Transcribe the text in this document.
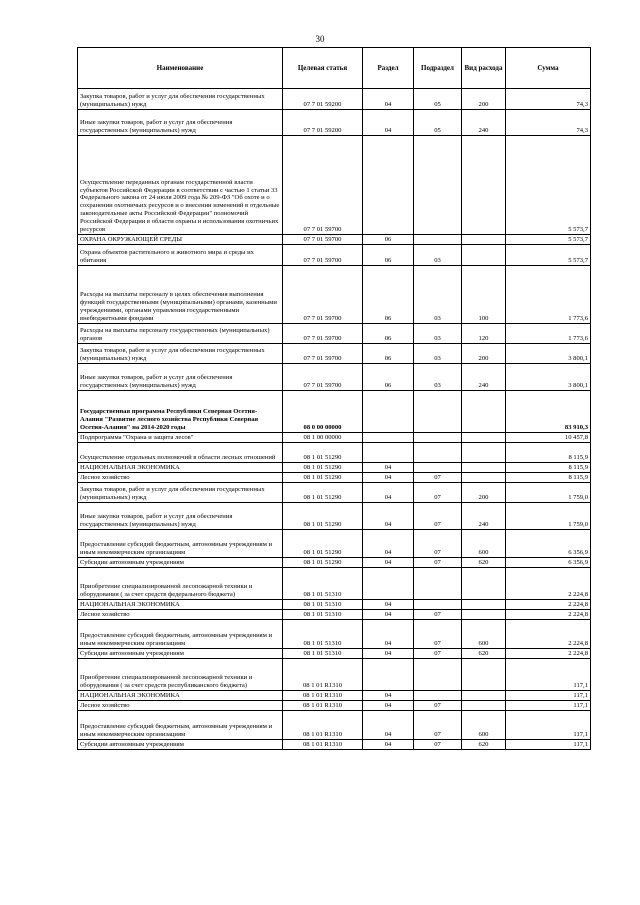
30
Наименование	Целевая статья	Раздел	Подраздел	Вид расхода	Сумма
Закупка товаров, работ и услуг для обеспечения государственных (муниципальных) нужд	07 7 01 59200	04	05	200	74,3
Иные закупки товаров, работ и услуг для обеспечения государственных (муниципальных) нужд	07 7 01 59200	04	05	240	74,3
Осуществление переданных органам государственной власти субъектов Российской Федерации в соответствии с частью 1 статьи 33 Федерального закона от 24 июля 2009 года № 209-ФЗ "Об охоте и о сохранении охотничьих ресурсов и о внесении изменений в отдельные законодательные акты Российской Федерации" полномочий Российской Федерации в области охраны и использования охотничьих ресурсов	07 7 01 59700				5 573,7
ОХРАНА ОКРУЖАЮЩЕЙ СРЕДЫ	07 7 01 59700	06			5 573,7
Охрана объектов растительного и животного мира и среды их обитания	07 7 01 59700	06	03		5 573,7
Расходы на выплаты персоналу в целях обеспечения выполнения функций государственными (муниципальными) органами, казенными учреждениями, органами управления государственными внебюджетными фондами	07 7 01 59700	06	03	100	1 773,6
Расходы на выплаты персоналу государственных (муниципальных) органов	07 7 01 59700	06	03	120	1 773,6
Закупка товаров, работ и услуг для обеспечения государственных (муниципальных) нужд	07 7 01 59700	06	03	200	3 800,1
Иные закупки товаров, работ и услуг для обеспечения государственных (муниципальных) нужд	07 7 01 59700	06	03	240	3 800,1
Государственная программа Республики Северная Осетия-Алания "Развитие лесного хозяйства Республики Северная Осетия-Алания" на 2014-2020 годы	08 0 00 00000				83 910,3
Подпрограмма "Охрана и защита лесов"	08 1 00 00000				10 457,8
Осуществление отдельных полномочий в области лесных отношений	08 1 01 51290				8 115,9
НАЦИОНАЛЬНАЯ ЭКОНОМИКА	08 1 01 51290	04			8 115,9
Лесное хозяйство	08 1 01 51290	04	07		8 115,9
Закупка товаров, работ и услуг для обеспечения государственных (муниципальных) нужд	08 1 01 51290	04	07	200	1 759,0
Иные закупки товаров, работ и услуг для обеспечения государственных (муниципальных) нужд	08 1 01 51290	04	07	240	1 759,0
Предоставление субсидий бюджетным, автономным учреждениям и иным некоммерческим организациям	08 1 01 51290	04	07	600	6 356,9
Субсидии автономным учреждениям	08 1 01 51290	04	07	620	6 356,9
Приобретение специализированной лесопожарной техники и оборудования ( за счет средств федерального бюджета)	08 1 01 51310				2 224,8
НАЦИОНАЛЬНАЯ ЭКОНОМИКА	08 1 01 51310	04			2 224,8
Лесное хозяйство	08 1 01 51310	04	07		2 224,8
Предоставление субсидий бюджетным, автономным учреждениям и иным некоммерческим организациям	08 1 01 51310	04	07	600	2 224,8
Субсидии автономным учреждениям	08 1 01 51310	04	07	620	2 224,8
Приобретение специализированной лесопожарной техники и оборудования ( за счет средств республиканского бюджета)	08 1 01 R1310				117,1
НАЦИОНАЛЬНАЯ ЭКОНОМИКА	08 1 01 R1310	04			117,1
Лесное хозяйство	08 1 01 R1310	04	07		117,1
Предоставление субсидий бюджетным, автономным учреждениям и иным некоммерческим организациям	08 1 01 R1310	04	07	600	117,1
Субсидии автономным учреждениям	08 1 01 R1310	04	07	620	117,1
